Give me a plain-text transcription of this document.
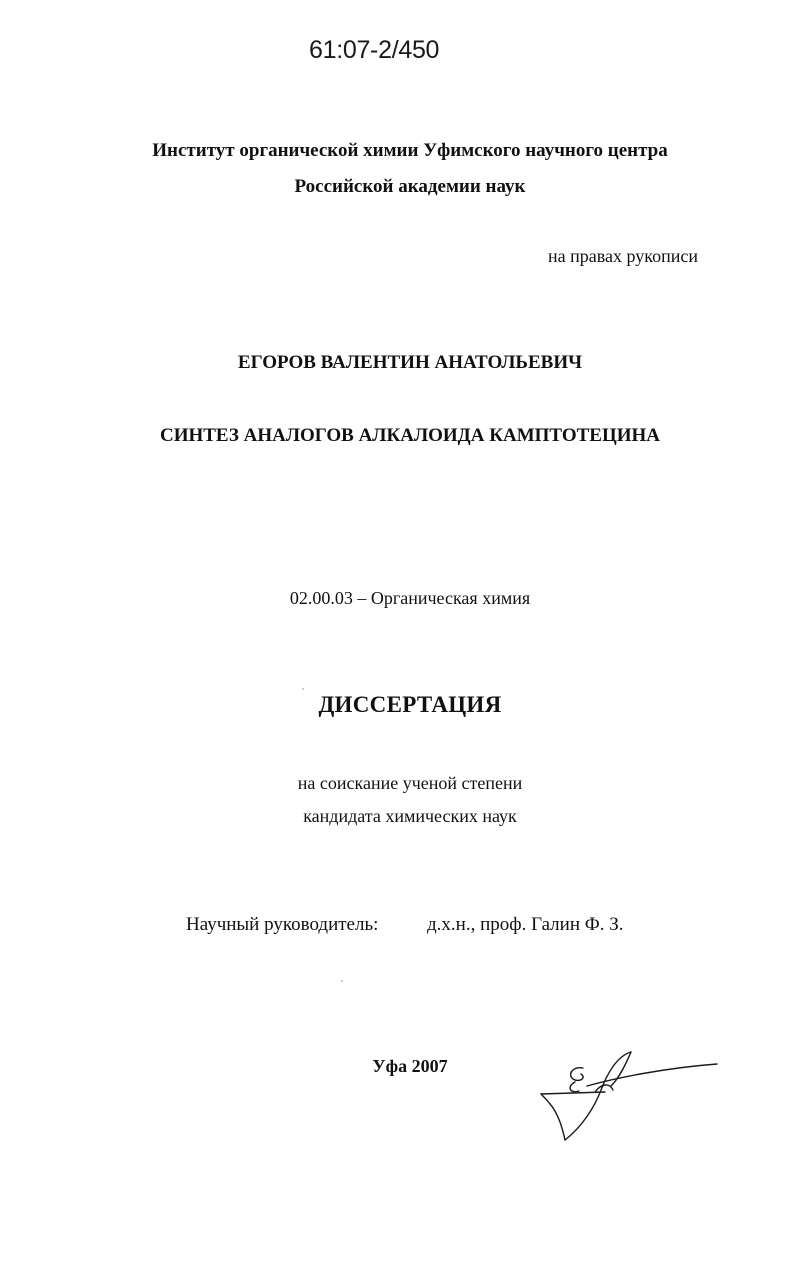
61:07-2/450
Институт органической химии Уфимского научного центра
Российской академии наук
на правах рукописи
ЕГОРОВ ВАЛЕНТИН АНАТОЛЬЕВИЧ
СИНТЕЗ АНАЛОГОВ АЛКАЛОИДА КАМПТОТЕЦИНА
02.00.03 – Органическая химия
ДИССЕРТАЦИЯ
на соискание ученой степени
кандидата химических наук
Научный руководитель:	д.х.н., проф. Галин Ф. З.
Уфа 2007
